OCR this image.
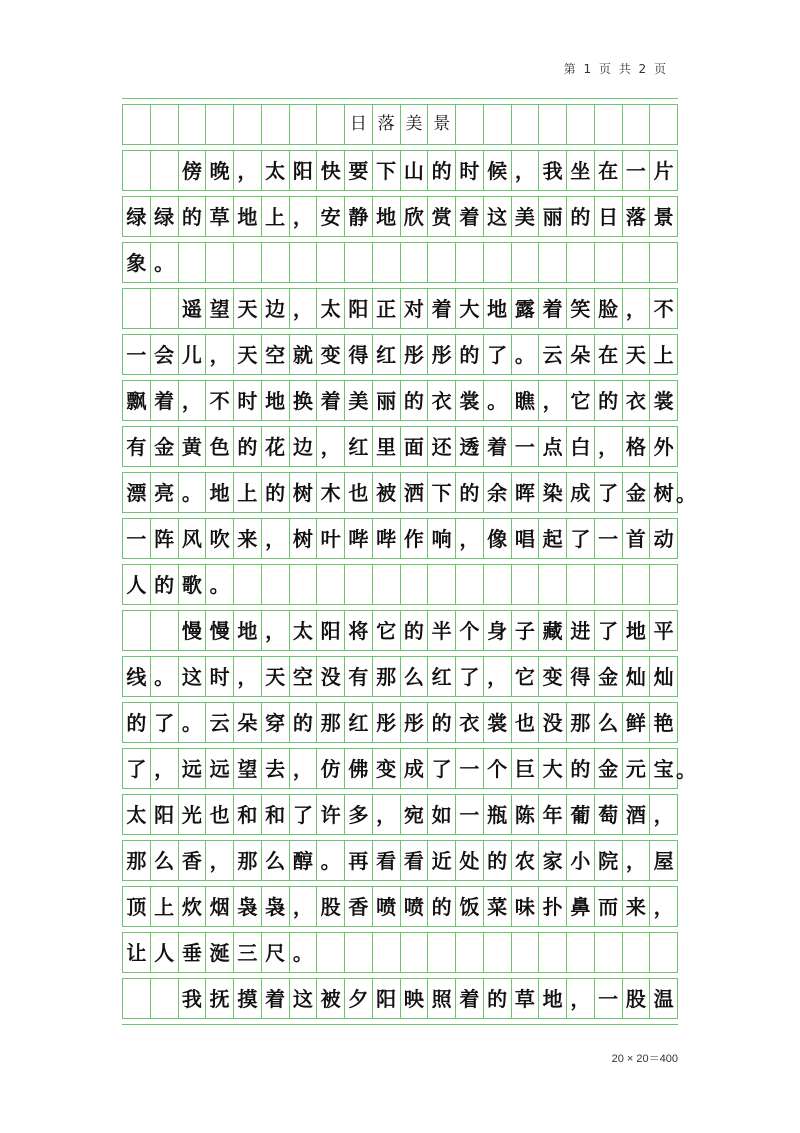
第 1 页 共 2 页
日 落 美 景
傍 晚 ， 太 阳 快 要 下 山 的 时 候 ， 我 坐 在 一 片
绿 绿 的 草 地 上 ， 安 静 地 欣 赏 着 这 美 丽 的 日 落 景
象 。
遥 望 天 边 ， 太 阳 正 对 着 大 地 露 着 笑 脸 ， 不
一 会 儿 ， 天 空 就 变 得 红 彤 彤 的 了 。 云 朵 在 天 上
飘 着 ， 不 时 地 换 着 美 丽 的 衣 裳 。 瞧 ， 它 的 衣 裳
有 金 黄 色 的 花 边 ， 红 里 面 还 透 着 一 点 白 ， 格 外
漂 亮 。 地 上 的 树 木 也 被 洒 下 的 余 晖 染 成 了 金 树 。
一 阵 风 吹 来 ， 树 叶 哔 哔 作 响 ， 像 唱 起 了 一 首 动
人 的 歌 。
慢 慢 地 ， 太 阳 将 它 的 半 个 身 子 藏 进 了 地 平
线 。 这 时 ， 天 空 没 有 那 么 红 了 ， 它 变 得 金 灿 灿
的 了 。 云 朵 穿 的 那 红 彤 彤 的 衣 裳 也 没 那 么 鲜 艳
了 ， 远 远 望 去 ， 仿 佛 变 成 了 一 个 巨 大 的 金 元 宝 。
太 阳 光 也 和 和 了 许 多 ， 宛 如 一 瓶 陈 年 葡 萄 酒 ，
那 么 香 ， 那 么 醇 。 再 看 看 近 处 的 农 家 小 院 ， 屋
顶 上 炊 烟 袅 袅 ， 股 香 喷 喷 的 饭 菜 味 扑 鼻 而 来 ，
让 人 垂 涎 三 尺 。
我 抚 摸 着 这 被 夕 阳 映 照 着 的 草 地 ， 一 股 温
20 × 20＝400
